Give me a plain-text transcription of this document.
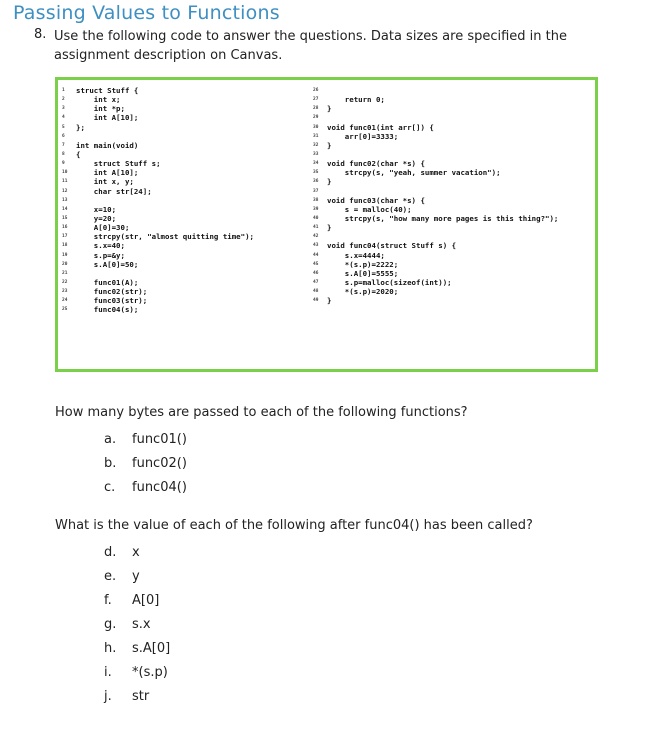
Passing Values to Functions
8. Use the following code to answer the questions. Data sizes are specified in the assignment description on Canvas.
1 struct Stuff {
2    int x;
3    int *p;
4    int A[10];
5 };
6
7 int main(void)
8 {
9    struct Stuff s;
10    int A[10];
11    int x, y;
12    char str[24];
13
14    x=10;
15    y=20;
16    A[0]=30;
17    strcpy(str, "almost quitting time");
18    s.x=40;
19    s.p=&y;
20    s.A[0]=50;
21
22    func01(A);
23    func02(str);
24    func03(str);
25    func04(s);
26
27    return 0;
28 }
29
30 void func01(int arr[]) {
31    arr[0]=3333;
32 }
33
34 void func02(char *s) {
35    strcpy(s, "yeah, summer vacation");
36 }
37
38 void func03(char *s) {
39    s = malloc(40);
40    strcpy(s, "how many more pages is this thing?");
41 }
42
43 void func04(struct Stuff s) {
44    s.x=4444;
45    *(s.p)=2222;
46    s.A[0]=5555;
47    s.p=malloc(sizeof(int));
48    *(s.p)=2020;
49 }
How many bytes are passed to each of the following functions?
a. func01()
b. func02()
c. func04()
What is the value of each of the following after func04() has been called?
d. x
e. y
f. A[0]
g. s.x
h. s.A[0]
i. *(s.p)
j. str
